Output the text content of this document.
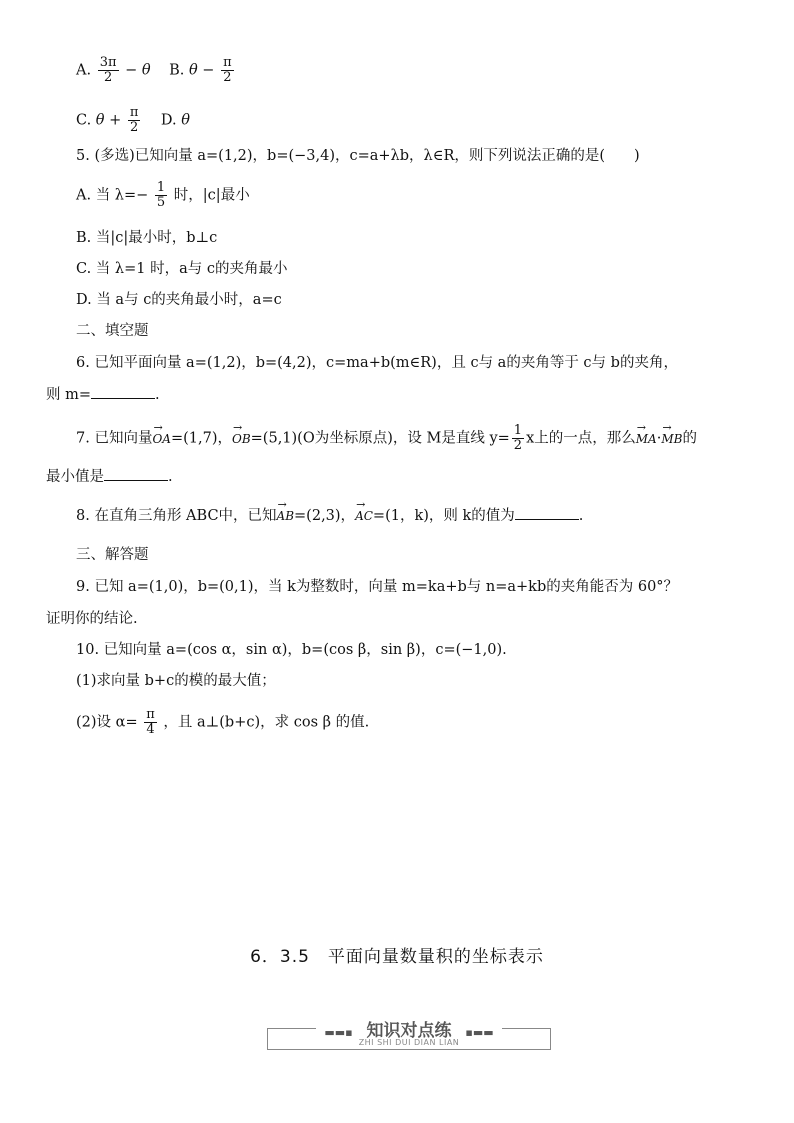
A. $\frac{3\pi}{2} - \theta$ B. $\theta - \frac{\pi}{2}$
C. $\theta + \frac{\pi}{2} D$. θ
5. (多选)已知向量 a=(1,2)，b=(−3,4)，c=a+λb，λ∈R，则下列说法正确的是(　　)
A. 当 $\lambda=- \frac{1}{5}$ 时，|c|最小
B. 当|c|最小时，b⊥c
C. 当 λ=1 时，a与 c的夹角最小
D. 当 a与 c的夹角最小时，a=c
二、填空题
6. 已知平面向量 a=(1,2)，b=(4,2)，c=ma+b(m∈R)，且 c与 a的夹角等于 c与 b的夹角，
则 m=	.
7. 已知向量→ OA=(1,7)，→ OB=(5,1)(O为坐标原点)，设 M是直线 $y= \frac{1}{2}$ x上的一点，那么→ MA·→ MB的
最小值是	.
8. 在直角三角形 ABC中，已知→ AB=(2,3)，→ AC=(1，k)，则 k的值为	.
三、解答题
9. 已知 a=(1,0)，b=(0,1)，当 k为整数时，向量 m=ka+b与 n=a+kb的夹角能否为 60°？
证明你的结论.
10. 已知向量 a=(cos α，sin α)，b=(cos β，sin β)，c=(−1,0).
(1)求向量 b+c的模的最大值；
(2)设 $\alpha= \frac{\pi}{4}$ ，且 a⊥(b+c)，求 cos β 的值.
6．3.5　平面向量数量积的坐标表示
▬▬▪ 知识对点练 ▪▬▬
ZHI SHI DUI DIAN LIAN
